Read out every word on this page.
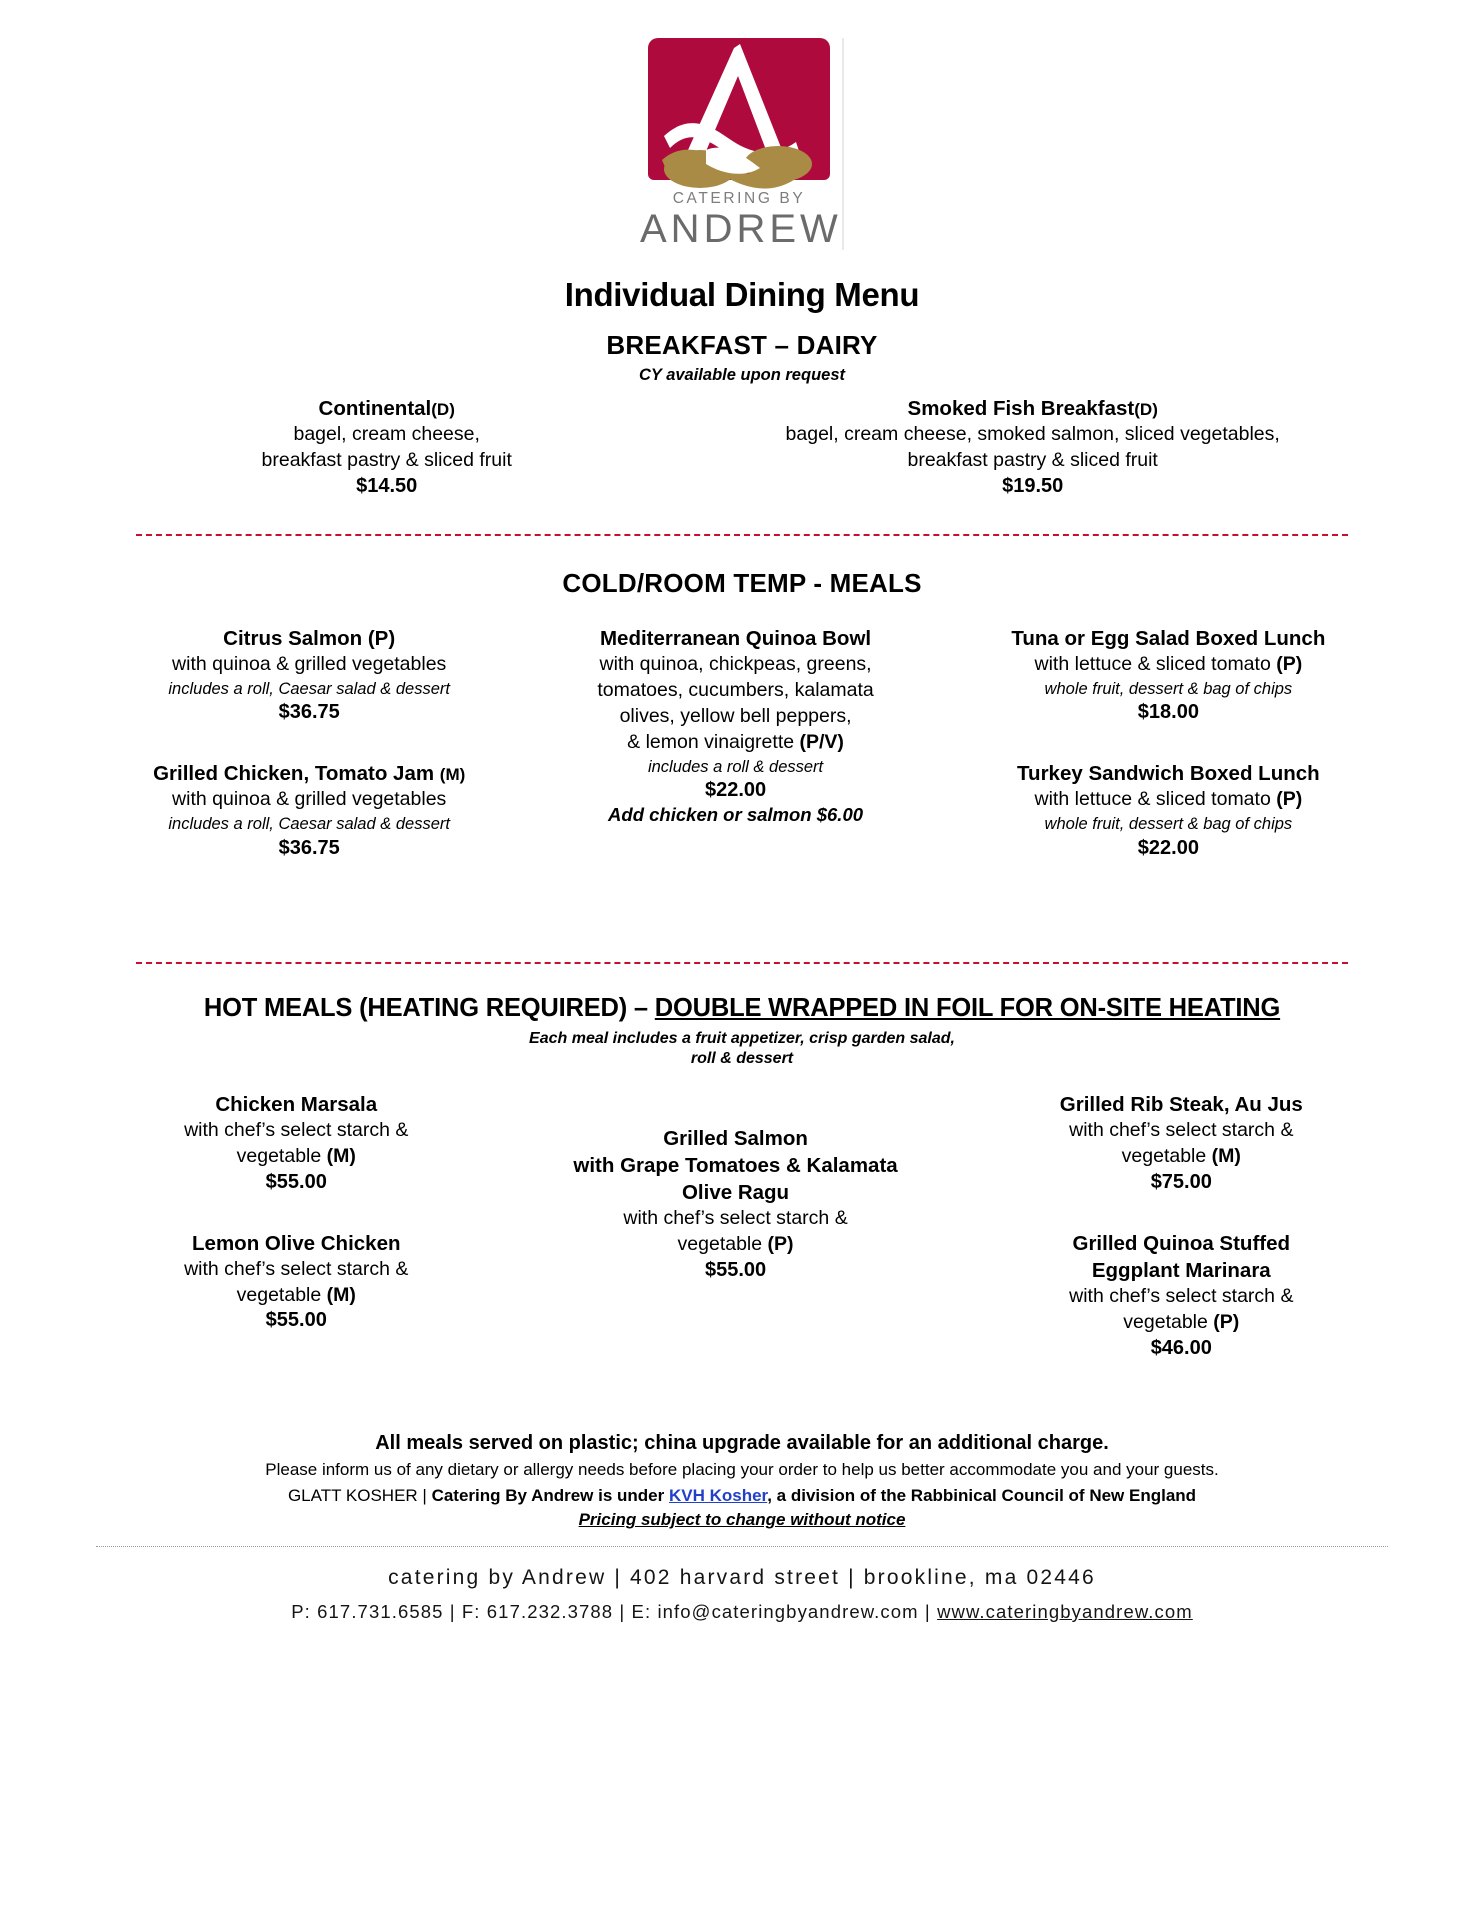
CATERING BY
ANDREW
Individual Dining Menu
BREAKFAST – DAIRY
CY available upon request
Continental(D)
bagel, cream cheese,
breakfast pastry & sliced fruit
$14.50
Smoked Fish Breakfast(D)
bagel, cream cheese, smoked salmon, sliced vegetables,
breakfast pastry & sliced fruit
$19.50
COLD/ROOM TEMP - MEALS
Citrus Salmon (P)
with quinoa & grilled vegetables
includes a roll, Caesar salad & dessert
$36.75
Grilled Chicken, Tomato Jam (M)
with quinoa & grilled vegetables
includes a roll, Caesar salad & dessert
$36.75
Mediterranean Quinoa Bowl
with quinoa, chickpeas, greens,
tomatoes, cucumbers, kalamata
olives, yellow bell peppers,
& lemon vinaigrette (P/V)
includes a roll & dessert
$22.00
Add chicken or salmon $6.00
Tuna or Egg Salad Boxed Lunch
with lettuce & sliced tomato (P)
whole fruit, dessert & bag of chips
$18.00
Turkey Sandwich Boxed Lunch
with lettuce & sliced tomato (P)
whole fruit, dessert & bag of chips
$22.00
HOT MEALS (HEATING REQUIRED) – DOUBLE WRAPPED IN FOIL FOR ON-SITE HEATING
Each meal includes a fruit appetizer, crisp garden salad,
roll & dessert
Chicken Marsala
with chef’s select starch &
vegetable (M)
$55.00
Lemon Olive Chicken
with chef’s select starch &
vegetable (M)
$55.00
Grilled Salmon
with Grape Tomatoes & Kalamata
Olive Ragu
with chef’s select starch &
vegetable (P)
$55.00
Grilled Rib Steak, Au Jus
with chef’s select starch &
vegetable (M)
$75.00
Grilled Quinoa Stuffed
Eggplant Marinara
with chef’s select starch &
vegetable (P)
$46.00
All meals served on plastic; china upgrade available for an additional charge.
Please inform us of any dietary or allergy needs before placing your order to help us better accommodate you and your guests.
GLATT KOSHER | Catering By Andrew is under KVH Kosher, a division of the Rabbinical Council of New England
Pricing subject to change without notice
catering by Andrew | 402 harvard street | brookline, ma 02446
P: 617.731.6585 | F: 617.232.3788 | E: info@cateringbyandrew.com | www.cateringbyandrew.com
